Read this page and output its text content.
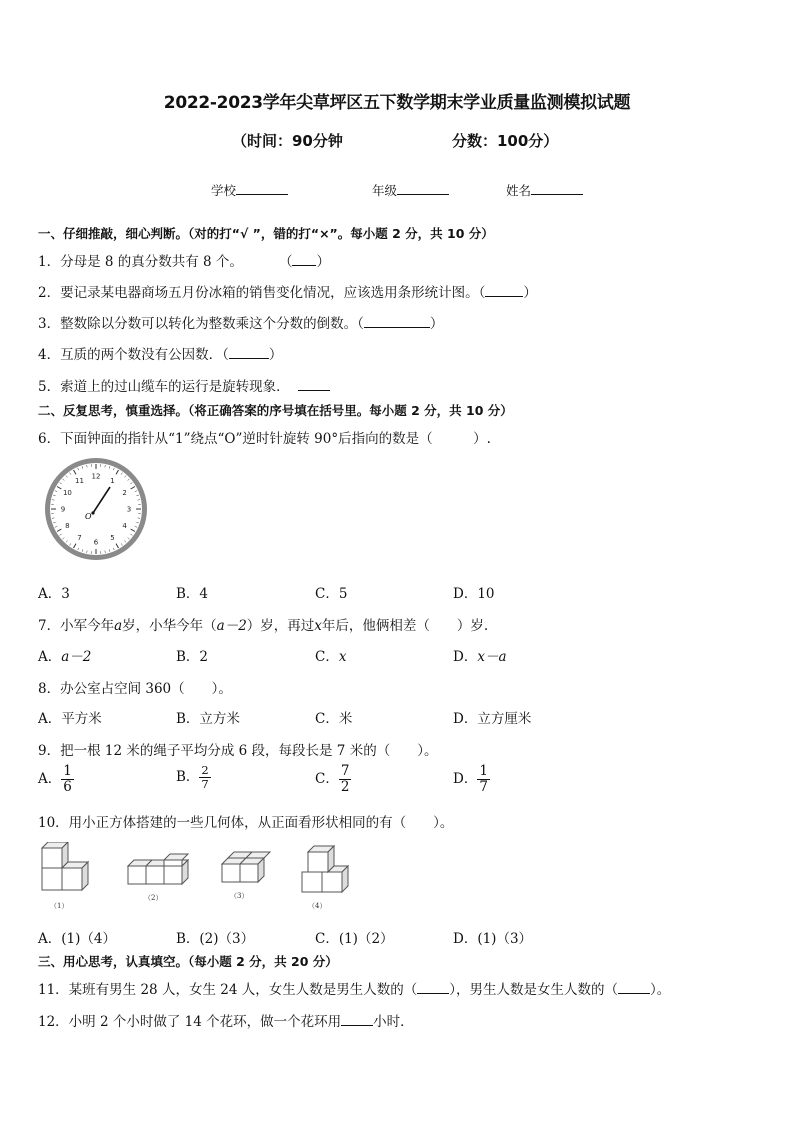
2022-2023学年尖草坪区五下数学期末学业质量监测模拟试题
（时间：90分钟	分数：100分）
学校	年级	姓名
一、仔细推敲，细心判断。（对的打“√ ”，错的打“×”。每小题 2 分，共 10 分）
1．分母是 8 的真分数共有 8 个。	（ ）
2．要记录某电器商场五月份冰箱的销售变化情况，应该选用条形统计图。（	）
3．整数除以分数可以转化为整数乘这个分数的倒数。（	）
4．互质的两个数没有公因数．（	）
5．索道上的过山缆车的运行是旋转现象．
二、反复思考，慎重选择。（将正确答案的序号填在括号里。每小题 2 分，共 10 分）
6．下面钟面的指针从“1”绕点“O”逆时针旋转 90°后指向的数是（　　　）.
12
1
2
3
4
5
6
7
8
9
10
11
O
A．3	B．4	C．5	D．10
7．小军今年a岁，小华今年（a－2）岁，再过x年后，他俩相差（　　）岁.
A．a－2	B．2	C．x	D．x－a
8．办公室占空间 360（　　）。
A．平方米	B．立方米	C．米	D．立方厘米
9．把一根 12 米的绳子平均分成 6 段，每段长是 7 米的（　　）。
A． $\frac{1}{6}$	B． $\frac{2}{7}$	C． $\frac{7}{2}$	D． $\frac{1}{7}$
10．用小正方体搭建的一些几何体，从正面看形状相同的有（　　）。
（1）
（2）	（3）
（4）
A．(1)（4）	B．(2)（3）	C．(1)（2）	D．(1)（3）
三、用心思考，认真填空。（每小题 2 分，共 20 分）
11．某班有男生 28 人，女生 24 人，女生人数是男生人数的（ ），男生人数是女生人数的（ ）。
12．小明 2 个小时做了 14 个花环，做一个花环用 小时．
